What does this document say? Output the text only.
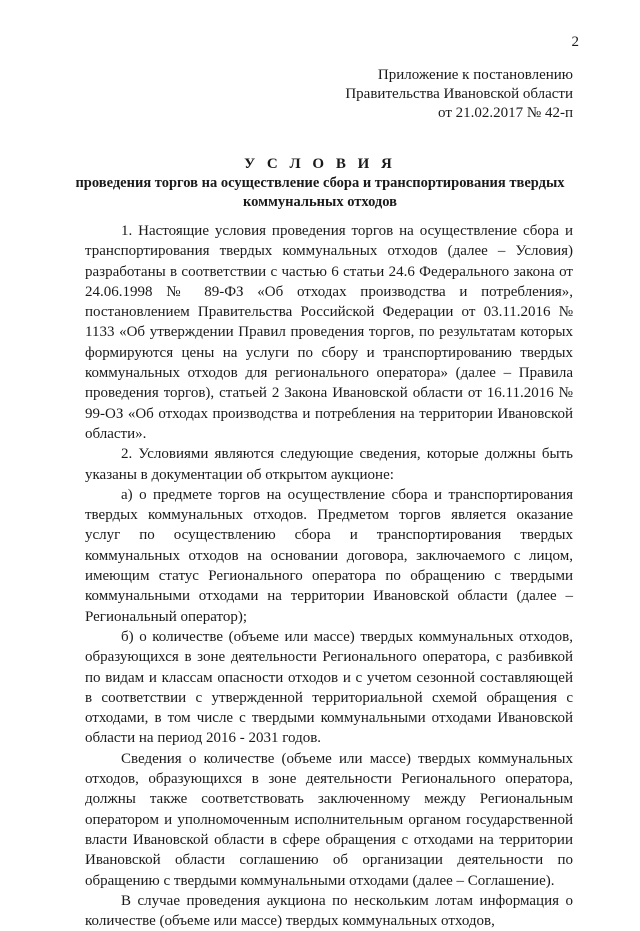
2
Приложение к постановлению
Правительства Ивановской области
от 21.02.2017 № 42-п
У С Л О В И Я
проведения торгов на осуществление сбора и транспортирования твердых коммунальных отходов

1. Настоящие условия проведения торгов на осуществление сбора и транспортирования твердых коммунальных отходов (далее – Условия) разработаны в соответствии с частью 6 статьи 24.6 Федерального закона от 24.06.1998 № 89-ФЗ «Об отходах производства и потребления», постановлением Правительства Российской Федерации от 03.11.2016 № 1133 «Об утверждении Правил проведения торгов, по результатам которых формируются цены на услуги по сбору и транспортированию твердых коммунальных отходов для регионального оператора» (далее – Правила проведения торгов), статьей 2 Закона Ивановской области от 16.11.2016 № 99-ОЗ «Об отходах производства и потребления на территории Ивановской области».

2. Условиями являются следующие сведения, которые должны быть указаны в документации об открытом аукционе:

а) о предмете торгов на осуществление сбора и транспортирования твердых коммунальных отходов. Предметом торгов является оказание услуг по осуществлению сбора и транспортирования твердых коммунальных отходов на основании договора, заключаемого с лицом, имеющим статус Регионального оператора по обращению с твердыми коммунальными отходами на территории Ивановской области (далее – Региональный оператор);

б) о количестве (объеме или массе) твердых коммунальных отходов, образующихся в зоне деятельности Регионального оператора, с разбивкой по видам и классам опасности отходов и с учетом сезонной составляющей в соответствии с утвержденной территориальной схемой обращения с отходами, в том числе с твердыми коммунальными отходами Ивановской области на период 2016 - 2031 годов.

Сведения о количестве (объеме или массе) твердых коммунальных отходов, образующихся в зоне деятельности Регионального оператора, должны также соответствовать заключенному между Региональным оператором и уполномоченным исполнительным органом государственной власти Ивановской области в сфере обращения с отходами на территории Ивановской области соглашению об организации деятельности по обращению с твердыми коммунальными отходами (далее – Соглашение).

В случае проведения аукциона по нескольким лотам информация о количестве (объеме или массе) твердых коммунальных отходов,
